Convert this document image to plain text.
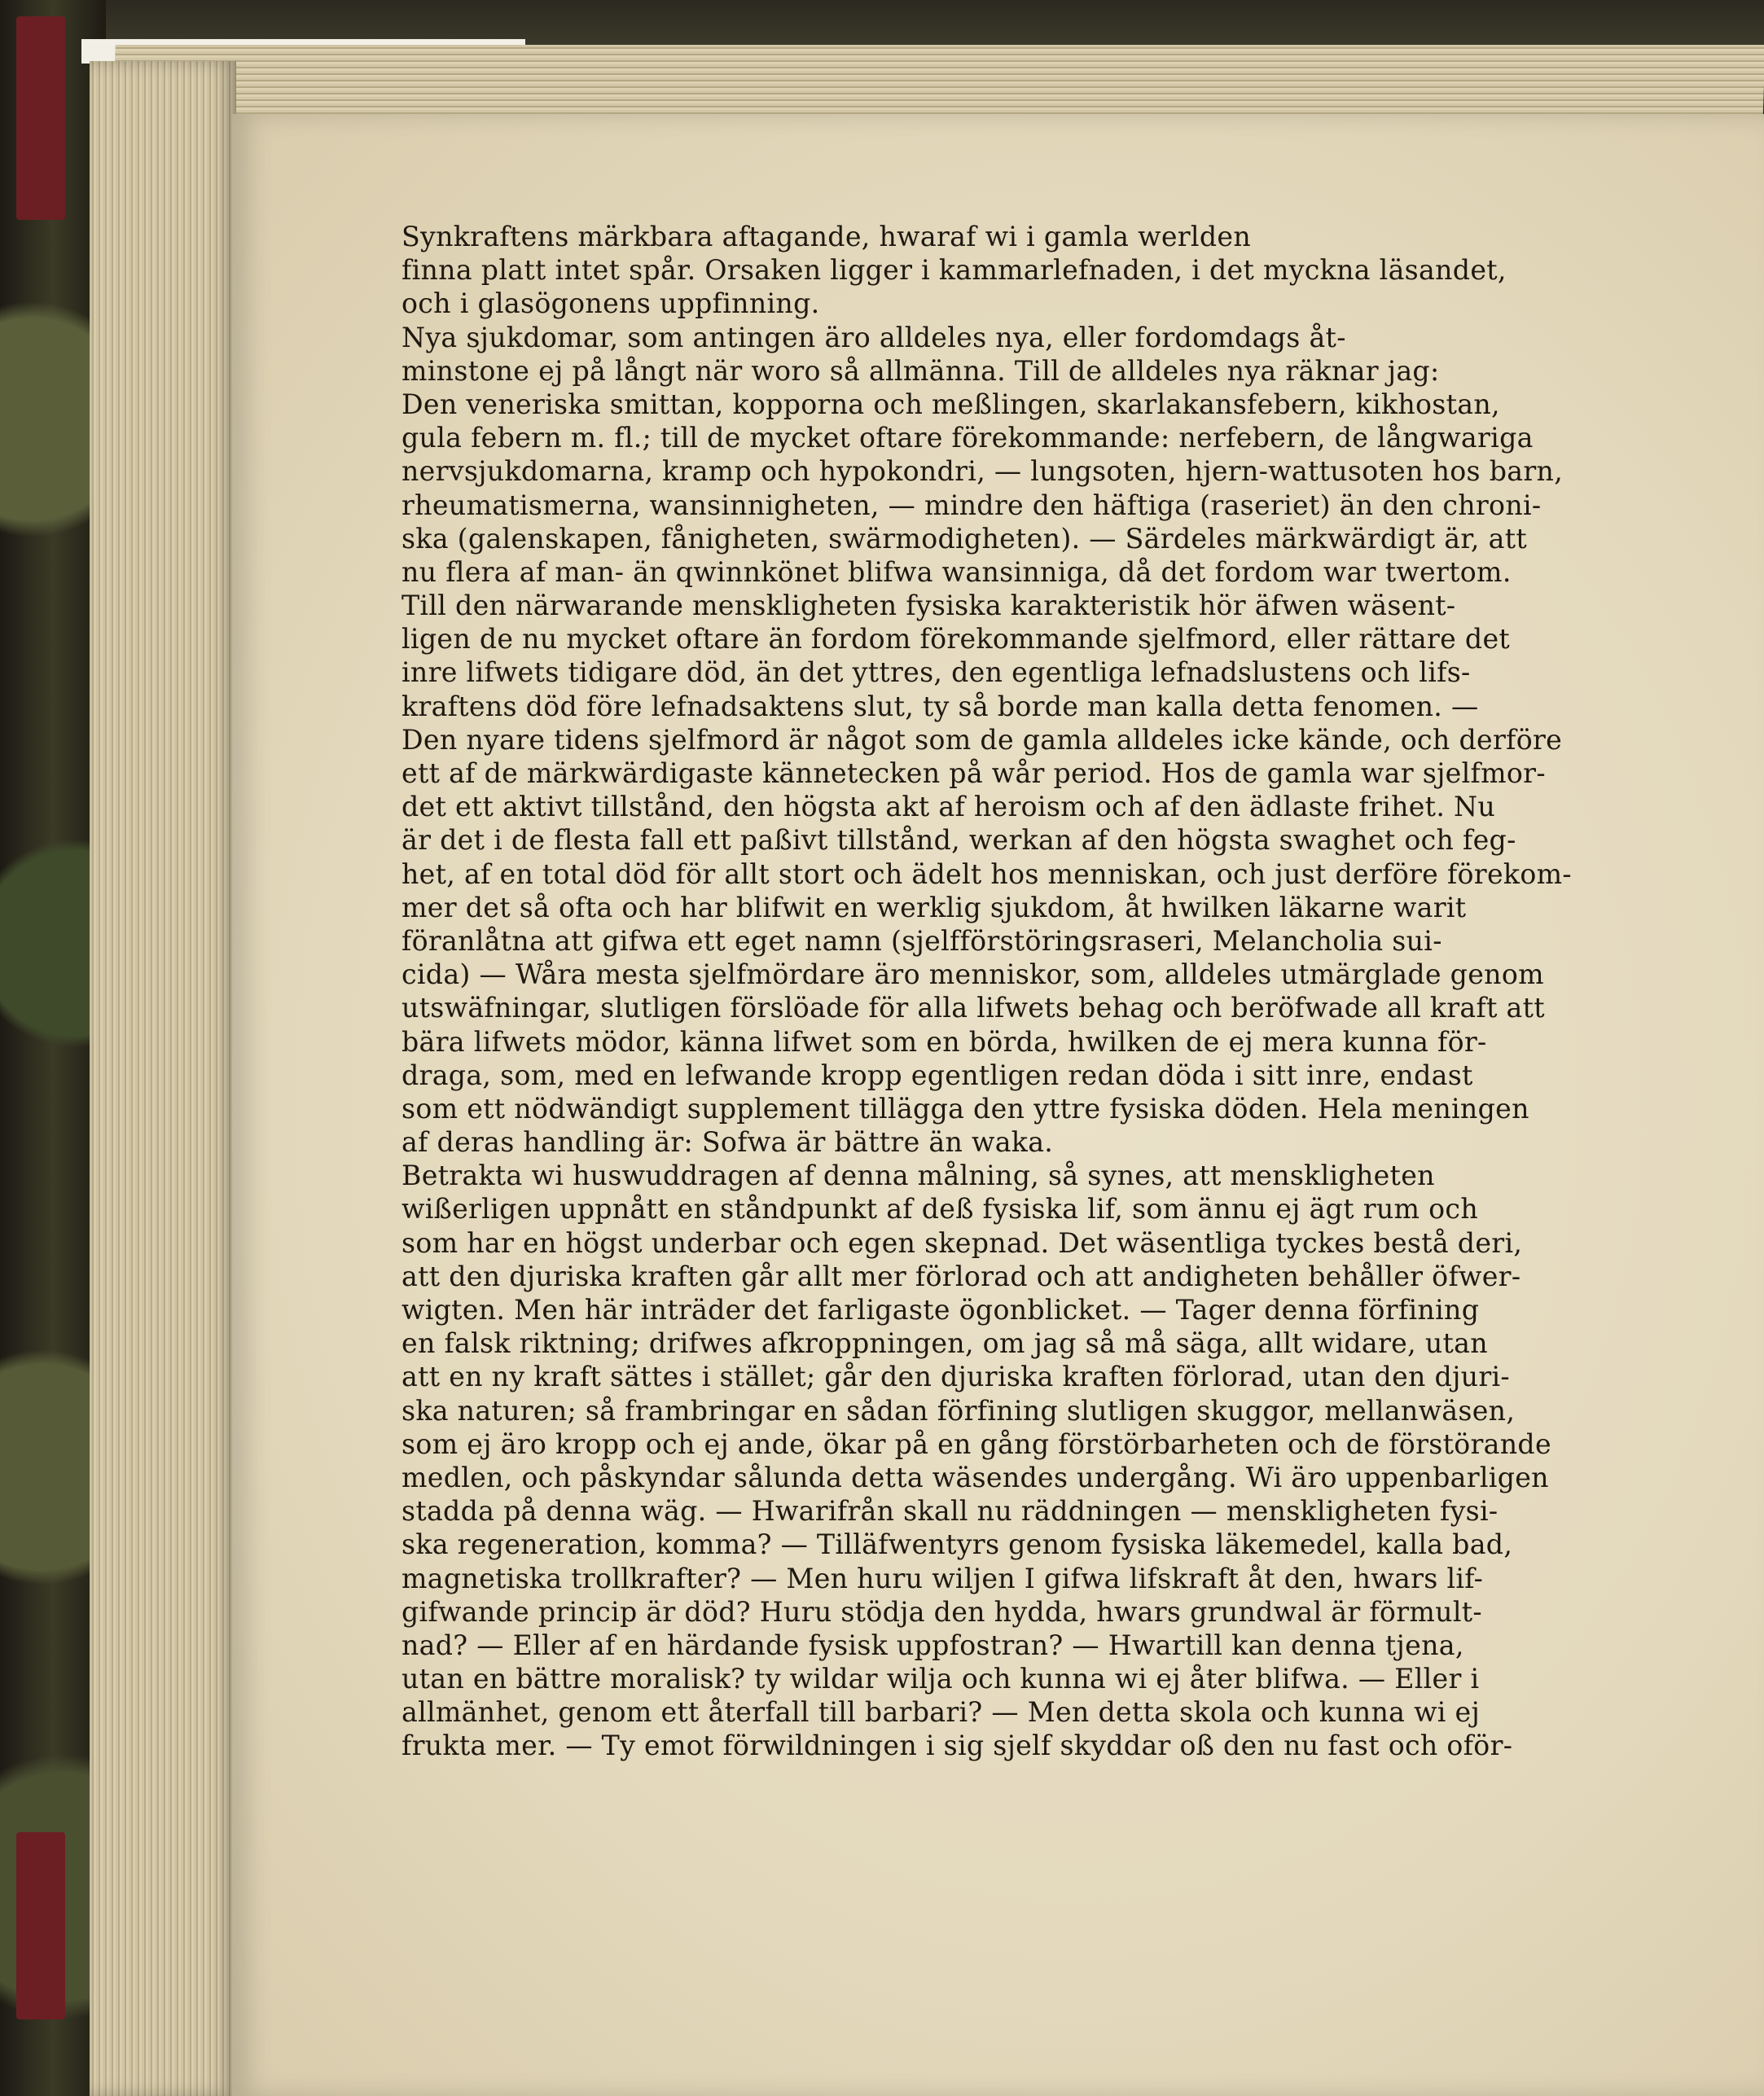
Synkraftens märkbara aftagande, hwaraf wi i gamla werlden
finna platt intet spår. Orsaken ligger i kammarlefnaden, i det myckna läsandet,
och i glasögonens uppfinning.
Nya sjukdomar, som antingen äro alldeles nya, eller fordomdags åt-
minstone ej på långt när woro så allmänna. Till de alldeles nya räknar jag:
Den veneriska smittan, kopporna och meßlingen, skarlakansfebern, kikhostan,
gula febern m. fl.; till de mycket oftare förekommande: nerfebern, de långwariga
nervsjukdomarna, kramp och hypokondri, — lungsoten, hjern-wattusoten hos barn,
rheumatismerna, wansinnigheten, — mindre den häftiga (raseriet) än den chroni-
ska (galenskapen, fånigheten, swärmodigheten). — Särdeles märkwärdigt är, att
nu flera af man- än qwinnkönet blifwa wansinniga, då det fordom war twertom.
Till den närwarande menskligheten fysiska karakteristik hör äfwen wäsent-
ligen de nu mycket oftare än fordom förekommande sjelfmord, eller rättare det
inre lifwets tidigare död, än det yttres, den egentliga lefnadslustens och lifs-
kraftens död före lefnadsaktens slut, ty så borde man kalla detta fenomen. —
Den nyare tidens sjelfmord är något som de gamla alldeles icke kände, och derföre
ett af de märkwärdigaste kännetecken på wår period. Hos de gamla war sjelfmor-
det ett aktivt tillstånd, den högsta akt af heroism och af den ädlaste frihet. Nu
är det i de flesta fall ett paßivt tillstånd, werkan af den högsta swaghet och feg-
het, af en total död för allt stort och ädelt hos menniskan, och just derföre förekom-
mer det så ofta och har blifwit en werklig sjukdom, åt hwilken läkarne warit
föranlåtna att gifwa ett eget namn (sjelfförstöringsraseri, Melancholia sui-
cida) — Wåra mesta sjelfmördare äro menniskor, som, alldeles utmärglade genom
utswäfningar, slutligen förslöade för alla lifwets behag och beröfwade all kraft att
bära lifwets mödor, känna lifwet som en börda, hwilken de ej mera kunna för-
draga, som, med en lefwande kropp egentligen redan döda i sitt inre, endast
som ett nödwändigt supplement tillägga den yttre fysiska döden. Hela meningen
af deras handling är: Sofwa är bättre än waka.
Betrakta wi huswuddragen af denna målning, så synes, att menskligheten
wißerligen uppnått en ståndpunkt af deß fysiska lif, som ännu ej ägt rum och
som har en högst underbar och egen skepnad. Det wäsentliga tyckes bestå deri,
att den djuriska kraften går allt mer förlorad och att andigheten behåller öfwer-
wigten. Men här inträder det farligaste ögonblicket. — Tager denna förfining
en falsk riktning; drifwes afkroppningen, om jag så må säga, allt widare, utan
att en ny kraft sättes i stället; går den djuriska kraften förlorad, utan den djuri-
ska naturen; så frambringar en sådan förfining slutligen skuggor, mellanwäsen,
som ej äro kropp och ej ande, ökar på en gång förstörbarheten och de förstörande
medlen, och påskyndar sålunda detta wäsendes undergång. Wi äro uppenbarligen
stadda på denna wäg. — Hwarifrån skall nu räddningen — menskligheten fysi-
ska regeneration, komma? — Tilläfwentyrs genom fysiska läkemedel, kalla bad,
magnetiska trollkrafter? — Men huru wiljen I gifwa lifskraft åt den, hwars lif-
gifwande princip är död? Huru stödja den hydda, hwars grundwal är förmult-
nad? — Eller af en härdande fysisk uppfostran? — Hwartill kan denna tjena,
utan en bättre moralisk? ty wildar wilja och kunna wi ej åter blifwa. — Eller i
allmänhet, genom ett återfall till barbari? — Men detta skola och kunna wi ej
frukta mer. — Ty emot förwildningen i sig sjelf skyddar oß den nu fast och oför-
